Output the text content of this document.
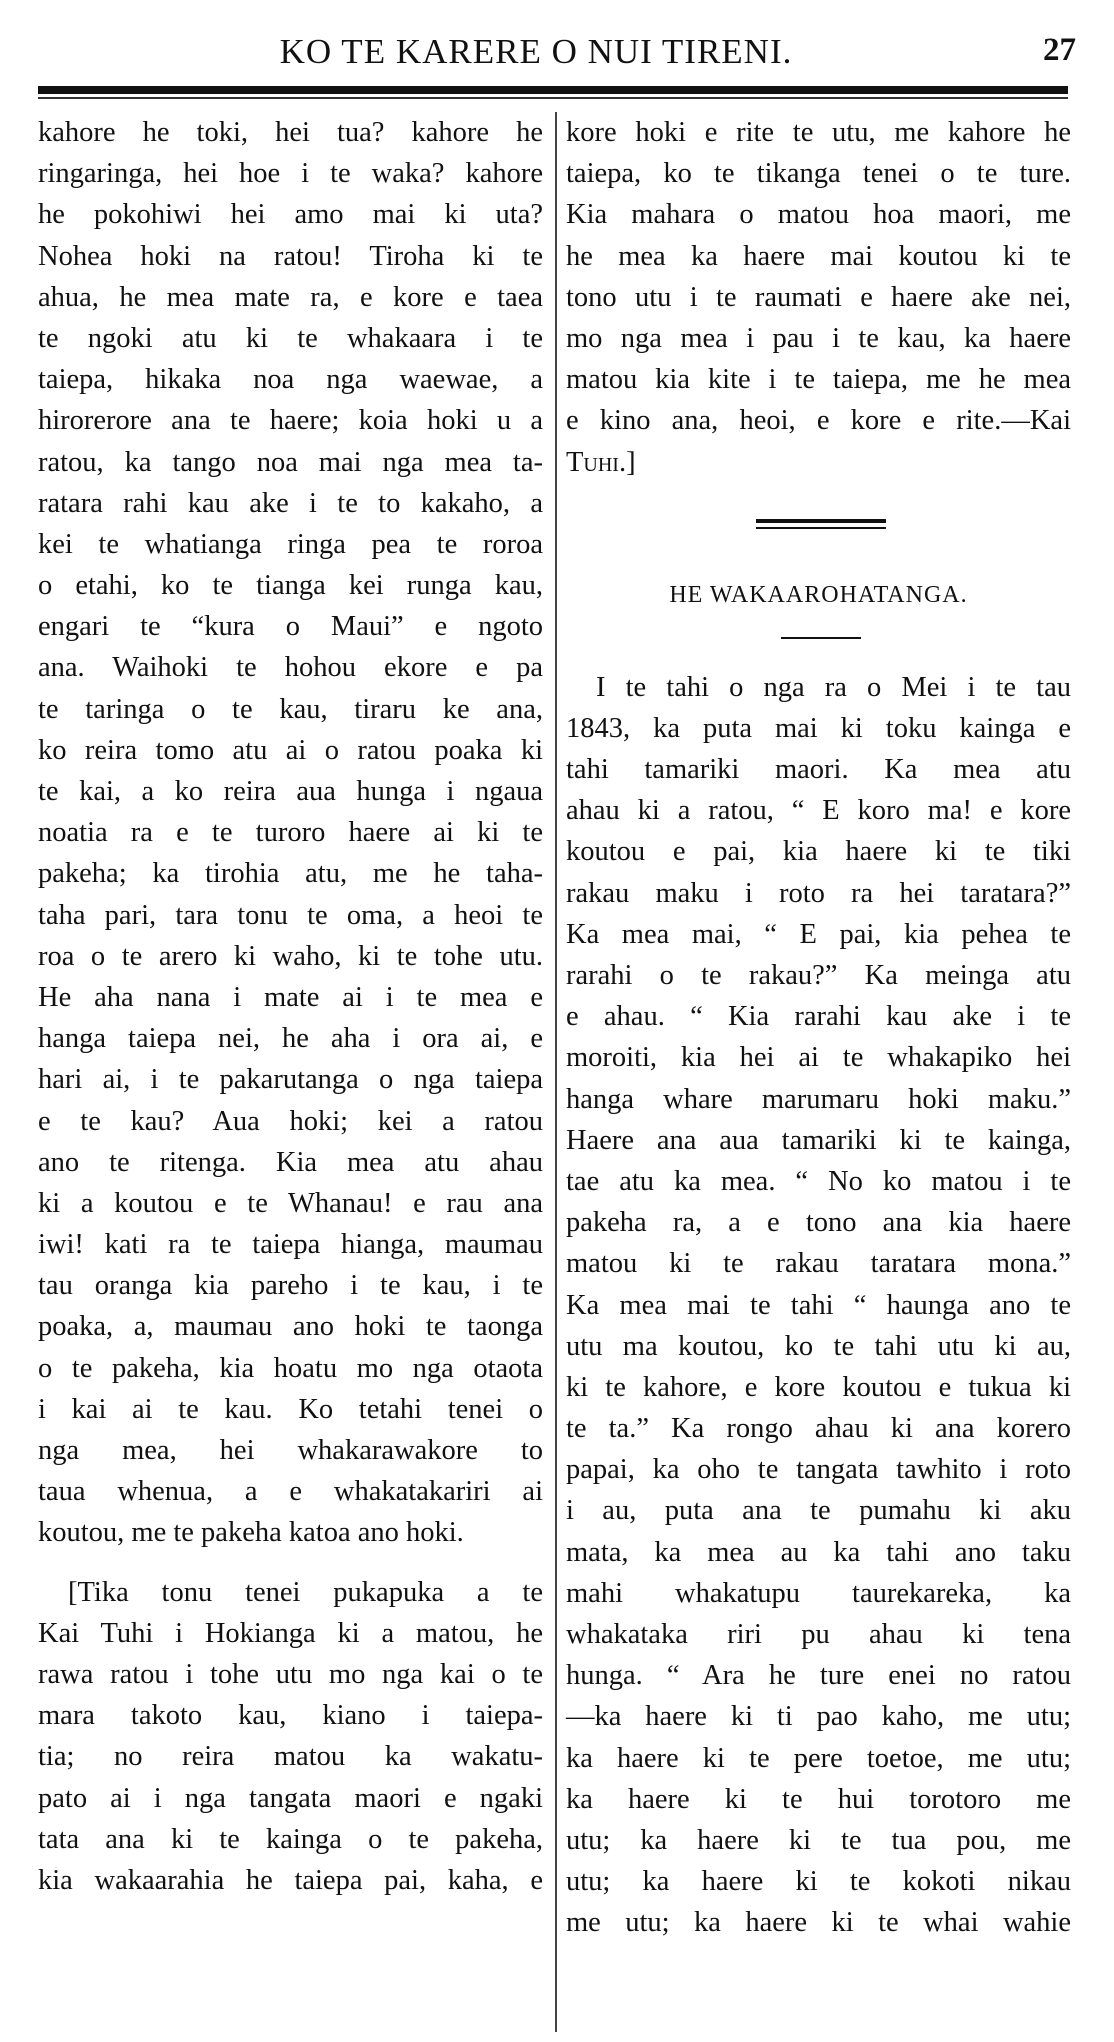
KO TE KARERE O NUI TIRENI.	27
kahore he toki, hei tua? kahore he
ringaringa, hei hoe i te waka? kahore
he pokohiwi hei amo mai ki uta?
Nohea hoki na ratou! Tiroha ki te
ahua, he mea mate ra, e kore e taea
te ngoki atu ki te whakaara i te
taiepa, hikaka noa nga waewae, a
hirorerore ana te haere; koia hoki u a
ratou, ka tango noa mai nga mea ta-
ratara rahi kau ake i te to kakaho, a
kei te whatianga ringa pea te roroa
o etahi, ko te tianga kei runga kau,
engari te “kura o Maui” e ngoto
ana. Waihoki te hohou ekore e pa
te taringa o te kau, tiraru ke ana,
ko reira tomo atu ai o ratou poaka ki
te kai, a ko reira aua hunga i ngaua
noatia ra e te turoro haere ai ki te
pakeha; ka tirohia atu, me he taha-
taha pari, tara tonu te oma, a heoi te
roa o te arero ki waho, ki te tohe utu.
He aha nana i mate ai i te mea e
hanga taiepa nei, he aha i ora ai, e
hari ai, i te pakarutanga o nga taiepa
e te kau? Aua hoki; kei a ratou
ano te ritenga. Kia mea atu ahau
ki a koutou e te Whanau! e rau ana
iwi! kati ra te taiepa hianga, maumau
tau oranga kia pareho i te kau, i te
poaka, a, maumau ano hoki te taonga
o te pakeha, kia hoatu mo nga otaota
i kai ai te kau. Ko tetahi tenei o
nga mea, hei whakarawakore to
taua whenua, a e whakatakariri ai
koutou, me te pakeha katoa ano hoki.
[Tika tonu tenei pukapuka a te
Kai Tuhi i Hokianga ki a matou, he
rawa ratou i tohe utu mo nga kai o te
mara takoto kau, kiano i taiepa-
tia; no reira matou ka wakatu-
pato ai i nga tangata maori e ngaki
tata ana ki te kainga o te pakeha,
kia wakaarahia he taiepa pai, kaha, e
kore hoki e rite te utu, me kahore he
taiepa, ko te tikanga tenei o te ture.
Kia mahara o matou hoa maori, me
he mea ka haere mai koutou ki te
tono utu i te raumati e haere ake nei,
mo nga mea i pau i te kau, ka haere
matou kia kite i te taiepa, me he mea
e kino ana, heoi, e kore e rite.—Kai
Tuhi.]
HE WAKAAROHATANGA.
I te tahi o nga ra o Mei i te tau
1843, ka puta mai ki toku kainga e
tahi tamariki maori. Ka mea atu
ahau ki a ratou, “ E koro ma! e kore
koutou e pai, kia haere ki te tiki
rakau maku i roto ra hei taratara?”
Ka mea mai, “ E pai, kia pehea te
rarahi o te rakau?” Ka meinga atu
e ahau. “ Kia rarahi kau ake i te
moroiti, kia hei ai te whakapiko hei
hanga whare marumaru hoki maku.”
Haere ana aua tamariki ki te kainga,
tae atu ka mea. “ No ko matou i te
pakeha ra, a e tono ana kia haere
matou ki te rakau taratara mona.”
Ka mea mai te tahi “ haunga ano te
utu ma koutou, ko te tahi utu ki au,
ki te kahore, e kore koutou e tukua ki
te ta.” Ka rongo ahau ki ana korero
papai, ka oho te tangata tawhito i roto
i au, puta ana te pumahu ki aku
mata, ka mea au ka tahi ano taku
mahi whakatupu taurekareka, ka
whakataka riri pu ahau ki tena
hunga. “ Ara he ture enei no ratou
—ka haere ki ti pao kaho, me utu;
ka haere ki te pere toetoe, me utu;
ka haere ki te hui torotoro me
utu; ka haere ki te tua pou, me
utu; ka haere ki te kokoti nikau
me utu; ka haere ki te whai wahie
